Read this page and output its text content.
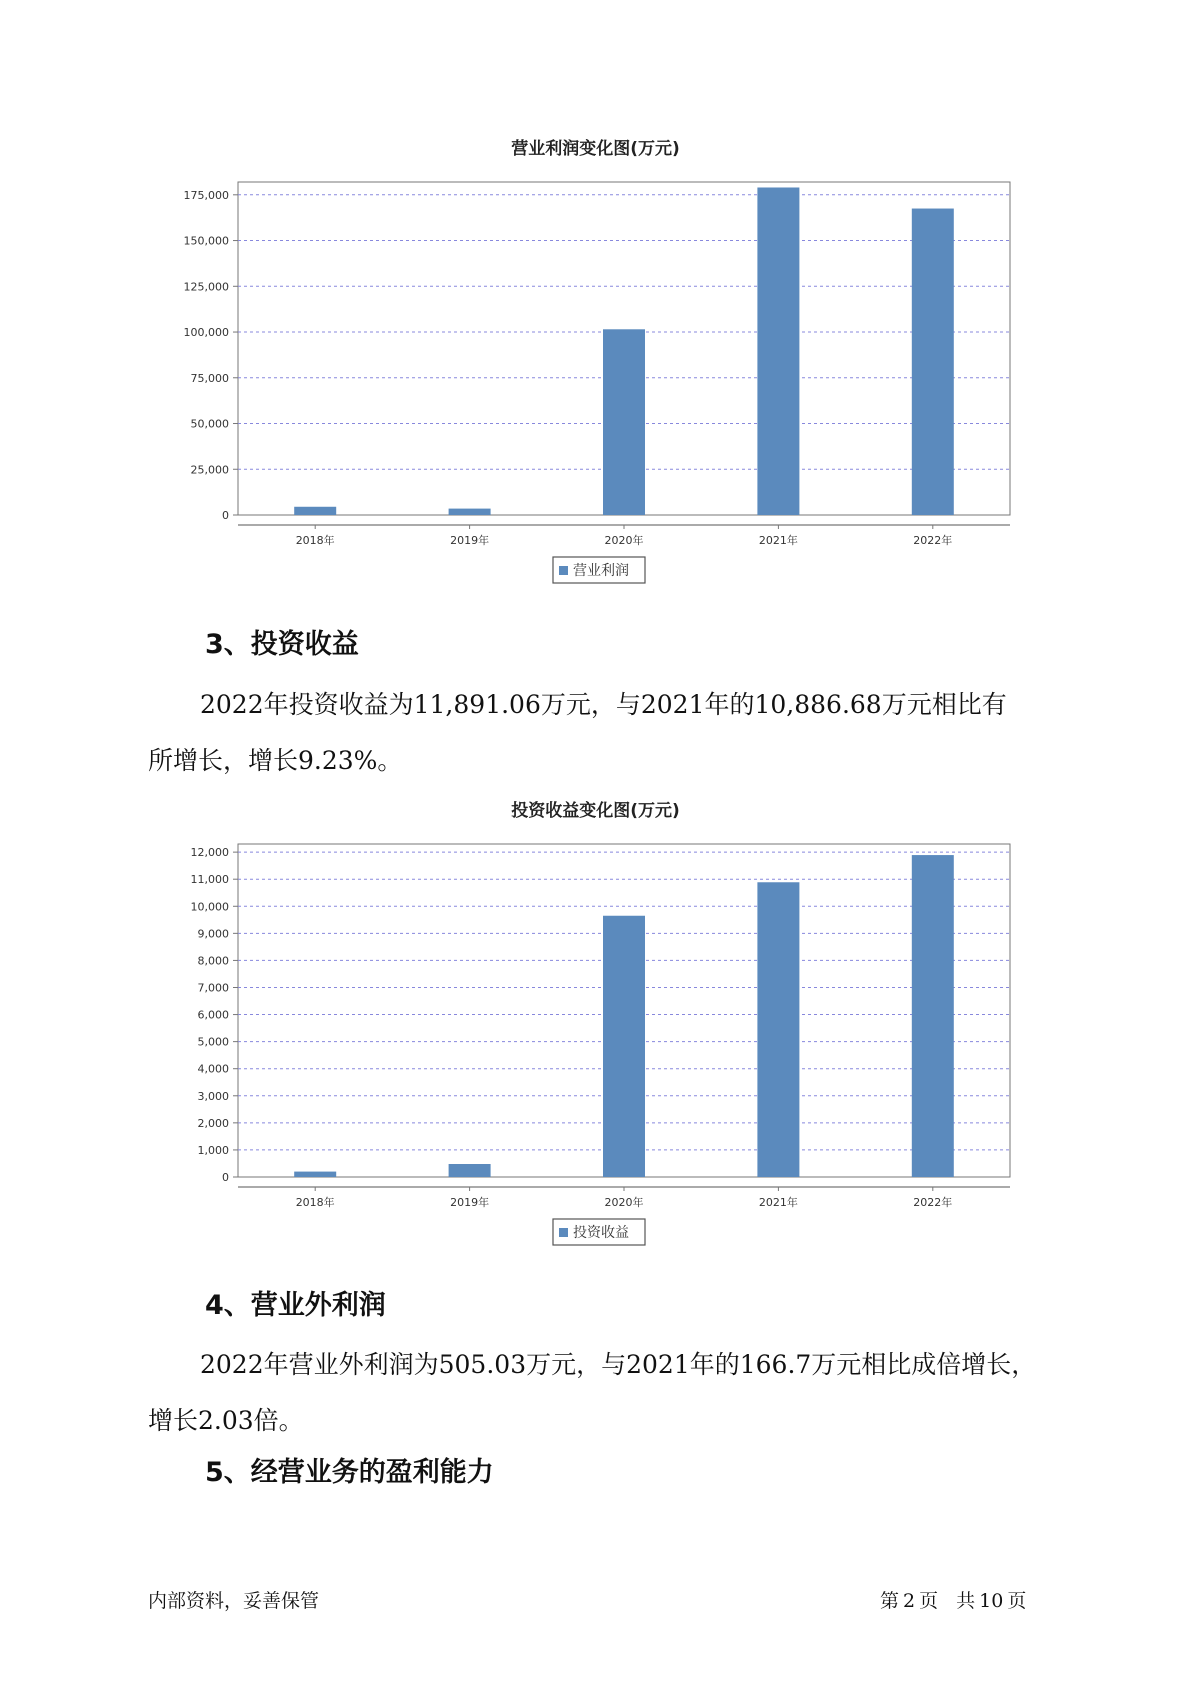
营业利润变化图(万元)
0
25,000
50,000
75,000
100,000
125,000
150,000
175,000
2018年	2019年	2020年	2021年	2022年
营业利润
3、投资收益
2022年投资收益为11,891.06万元，与2021年的10,886.68万元相比有
所增长，增长9.23%。
投资收益变化图(万元)
0
1,000
2,000
3,000
4,000
5,000
6,000
7,000
8,000
9,000
10,000
11,000
12,000
2018年	2019年	2020年	2021年	2022年
投资收益
4、营业外利润
2022年营业外利润为505.03万元，与2021年的166.7万元相比成倍增长，
增长2.03倍。
5、经营业务的盈利能力
内部资料，妥善保管	第 2 页 共 10 页
